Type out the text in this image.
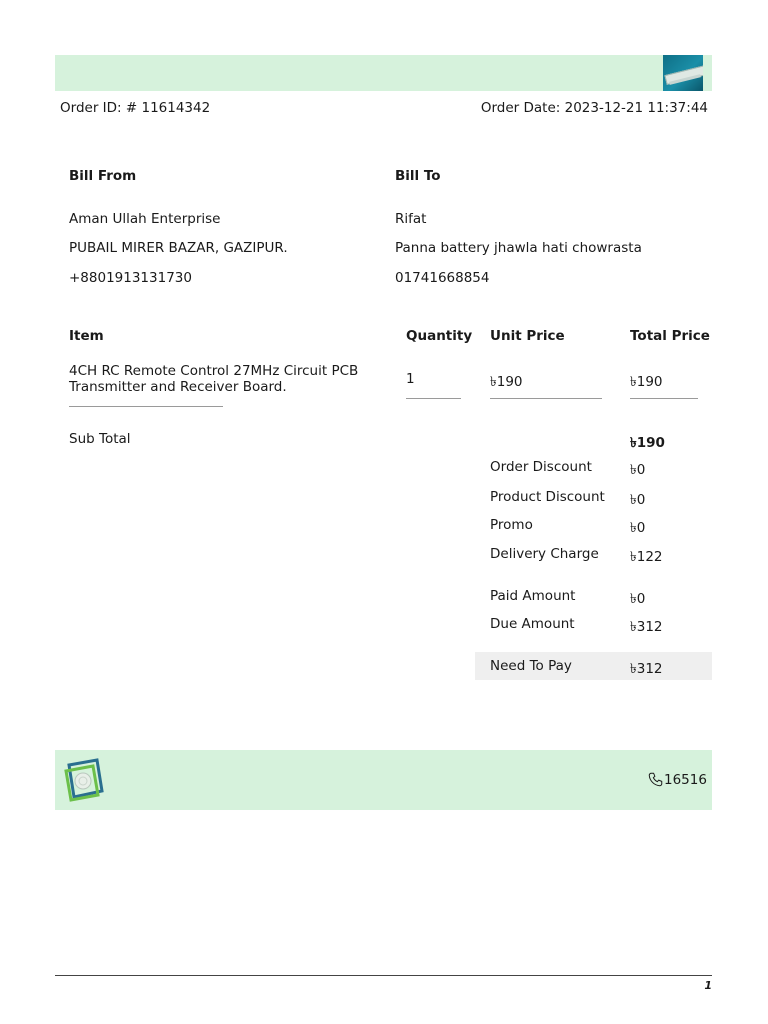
Order ID: # 11614342	Order Date: 2023-12-21 11:37:44
Bill From
Aman Ullah Enterprise
PUBAIL MIRER BAZAR, GAZIPUR.
+8801913131730
Bill To
Rifat
Panna battery jhawla hati chowrasta
01741668854
Item	Quantity Unit Price	Total Price
4CH RC Remote Control 27MHz Circuit PCB Transmitter and Receiver Board.	1	৳190	৳190
Sub Total	৳190
Order Discount	৳0
Product Discount ৳0
Promo	৳0
Delivery Charge ৳122
Paid Amount	৳0
Due Amount	৳312
Need To Pay	৳312
16516
1
